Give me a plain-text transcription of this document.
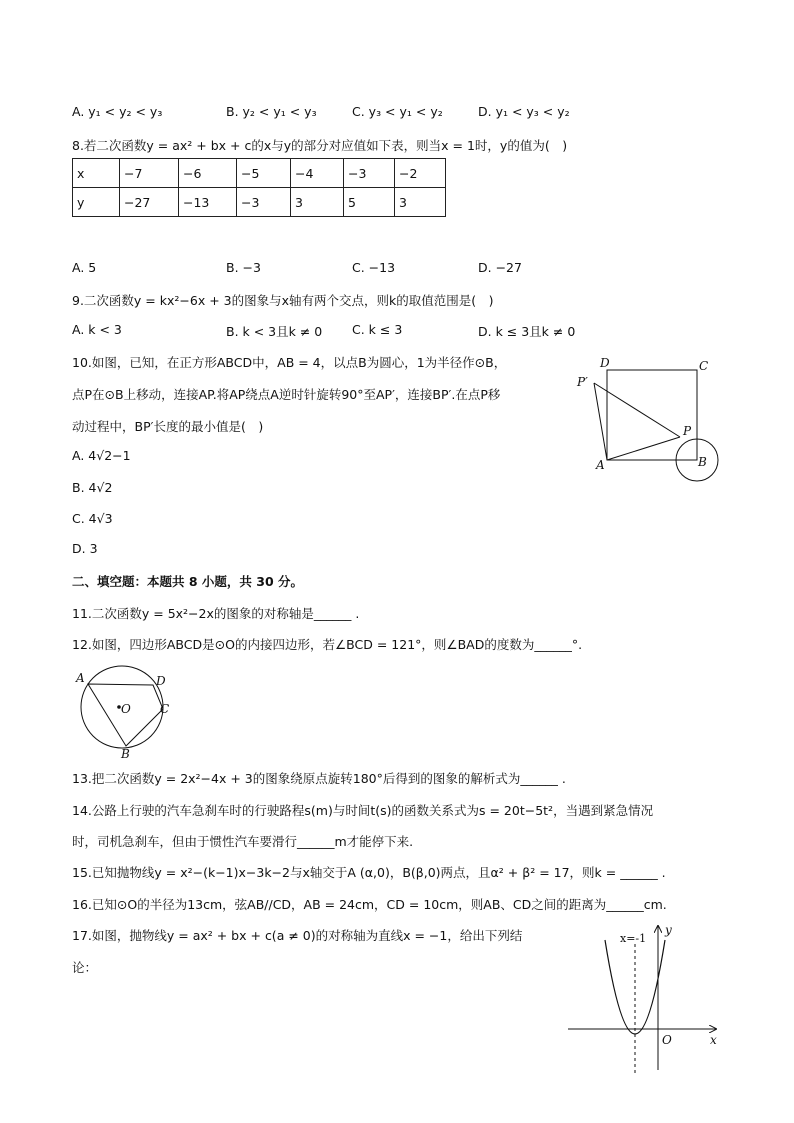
A. y₁ < y₂ < y₃	B. y₂ < y₁ < y₃	C. y₃ < y₁ < y₂	D. y₁ < y₃ < y₂
8.若二次函数y = ax² + bx + c的x与y的部分对应值如下表，则当x = 1时，y的值为(　)
x	−7	−6	−5	−4	−3	−2
y	−27	−13	−3	3	5	3
A. 5	B. −3	C. −13	D. −27
9.二次函数y = kx²−6x + 3的图象与x轴有两个交点，则k的取值范围是(　)
A. k < 3	B. k < 3且k ≠ 0 C. k ≤ 3	D. k ≤ 3且k ≠ 0
10.如图，已知，在正方形ABCD中，AB = 4，以点B为圆心，1为半径作⊙B，
点P在⊙B上移动，连接AP.将AP绕点A逆时针旋转90°至AP′，连接BP′.在点P移
动过程中，BP′长度的最小值是(　)
A. 4√2−1
B. 4√2
C. 4√3
D. 3
D	C
P′
P
A	B
二、填空题：本题共 8 小题，共 30 分。
11.二次函数y = 5x²−2x的图象的对称轴是______ .
12.如图，四边形ABCD是⊙O的内接四边形，若∠BCD = 121°，则∠BAD的度数为______°.
A	D
C
B
O
13.把二次函数y = 2x²−4x + 3的图象绕原点旋转180°后得到的图象的解析式为______ .
14.公路上行驶的汽车急刹车时的行驶路程s(m)与时间t(s)的函数关系式为s = 20t−5t²，当遇到紧急情况
时，司机急刹车，但由于惯性汽车要滑行______m才能停下来.
15.已知抛物线y = x²−(k−1)x−3k−2与x轴交于A (α,0)，B(β,0)两点，且α² + β² = 17，则k = ______ .
16.已知⊙O的半径为13cm，弦AB//CD，AB = 24cm，CD = 10cm，则AB、CD之间的距离为______cm.
17.如图，抛物线y = ax² + bx + c(a ≠ 0)的对称轴为直线x = −1，给出下列结
论：
x=-1
y
x
O
